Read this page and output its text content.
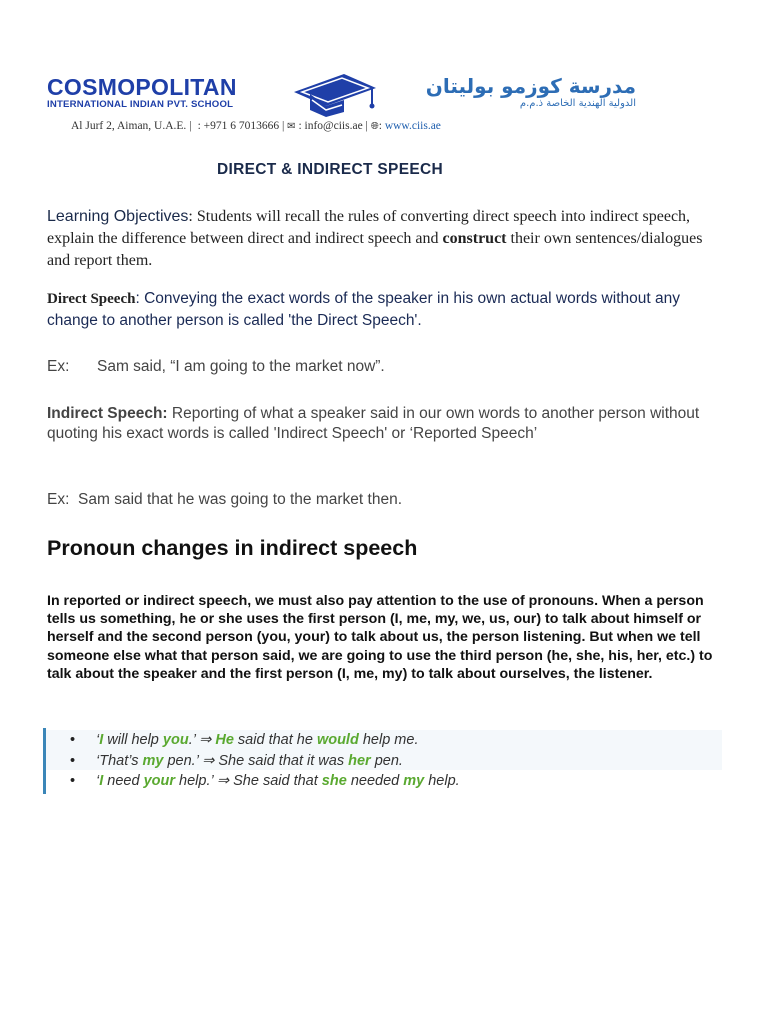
COSMOPOLITAN
INTERNATIONAL INDIAN PVT. SCHOOL
مدرسة كوزمو بوليتان
الدولية الهندية الخاصة ذ.م.م
Al Jurf 2, Aiman, U.A.E. | : +971 6 7013666 | ✉ : info@ciis.ae | 🌐︎: www.ciis.ae
DIRECT & INDIRECT SPEECH
Learning Objectives: Students will recall the rules of converting direct speech into indirect speech, explain the difference between direct and indirect speech and construct their own sentences/dialogues and report them.
Direct Speech: Conveying the exact words of the speaker in his own actual words without any change to another person is called 'the Direct Speech'.
Ex: Sam said, “I am going to the market now”.
Indirect Speech: Reporting of what a speaker said in our own words to another person without quoting his exact words is called 'Indirect Speech' or ‘Reported Speech’
Ex: Sam said that he was going to the market then.
Pronoun changes in indirect speech
In reported or indirect speech, we must also pay attention to the use of pronouns. When a person tells us something, he or she uses the first person (I, me, my, we, us, our) to talk about himself or herself and the second person (you, your) to talk about us, the person listening. But when we tell someone else what that person said, we are going to use the third person (he, she, his, her, etc.) to talk about the speaker and the first person (I, me, my) to talk about ourselves, the listener.
• ‘I will help you.’ ⇒ He said that he would help me.
• ‘That’s my pen.’ ⇒ She said that it was her pen.
• ‘I need your help.’ ⇒ She said that she needed my help.
